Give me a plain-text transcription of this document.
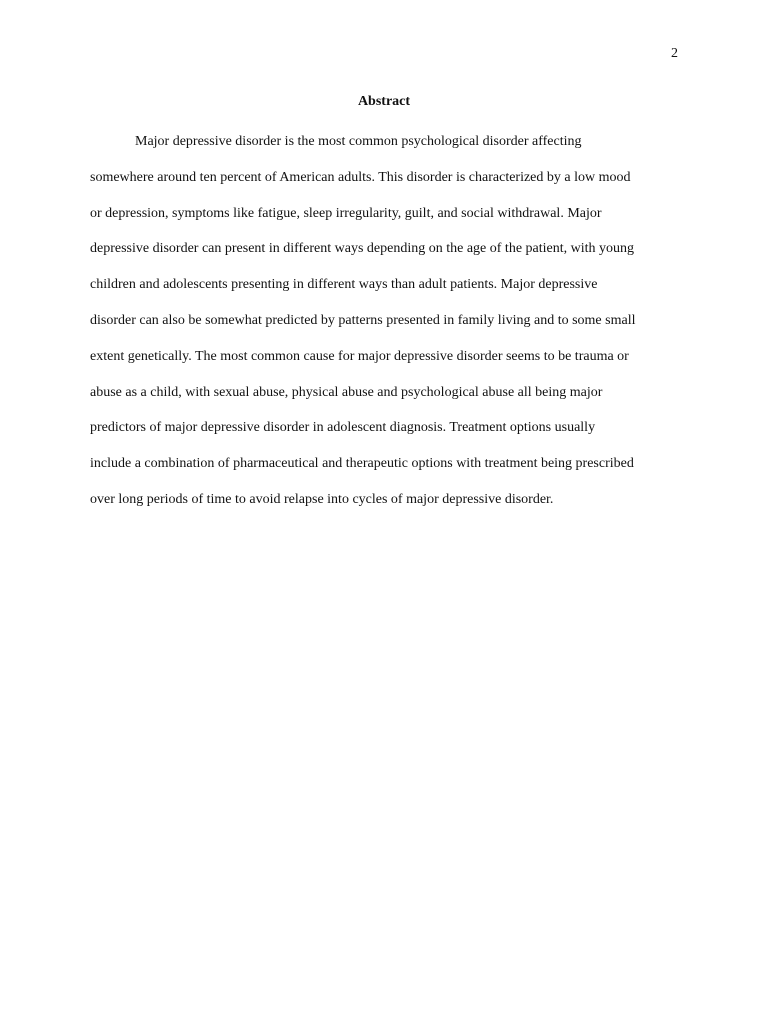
2
Abstract
Major depressive disorder is the most common psychological disorder affecting
somewhere around ten percent of American adults. This disorder is characterized by a low mood
or depression, symptoms like fatigue, sleep irregularity, guilt, and social withdrawal. Major
depressive disorder can present in different ways depending on the age of the patient, with young
children and adolescents presenting in different ways than adult patients. Major depressive
disorder can also be somewhat predicted by patterns presented in family living and to some small
extent genetically. The most common cause for major depressive disorder seems to be trauma or
abuse as a child, with sexual abuse, physical abuse and psychological abuse all being major
predictors of major depressive disorder in adolescent diagnosis. Treatment options usually
include a combination of pharmaceutical and therapeutic options with treatment being prescribed
over long periods of time to avoid relapse into cycles of major depressive disorder.
